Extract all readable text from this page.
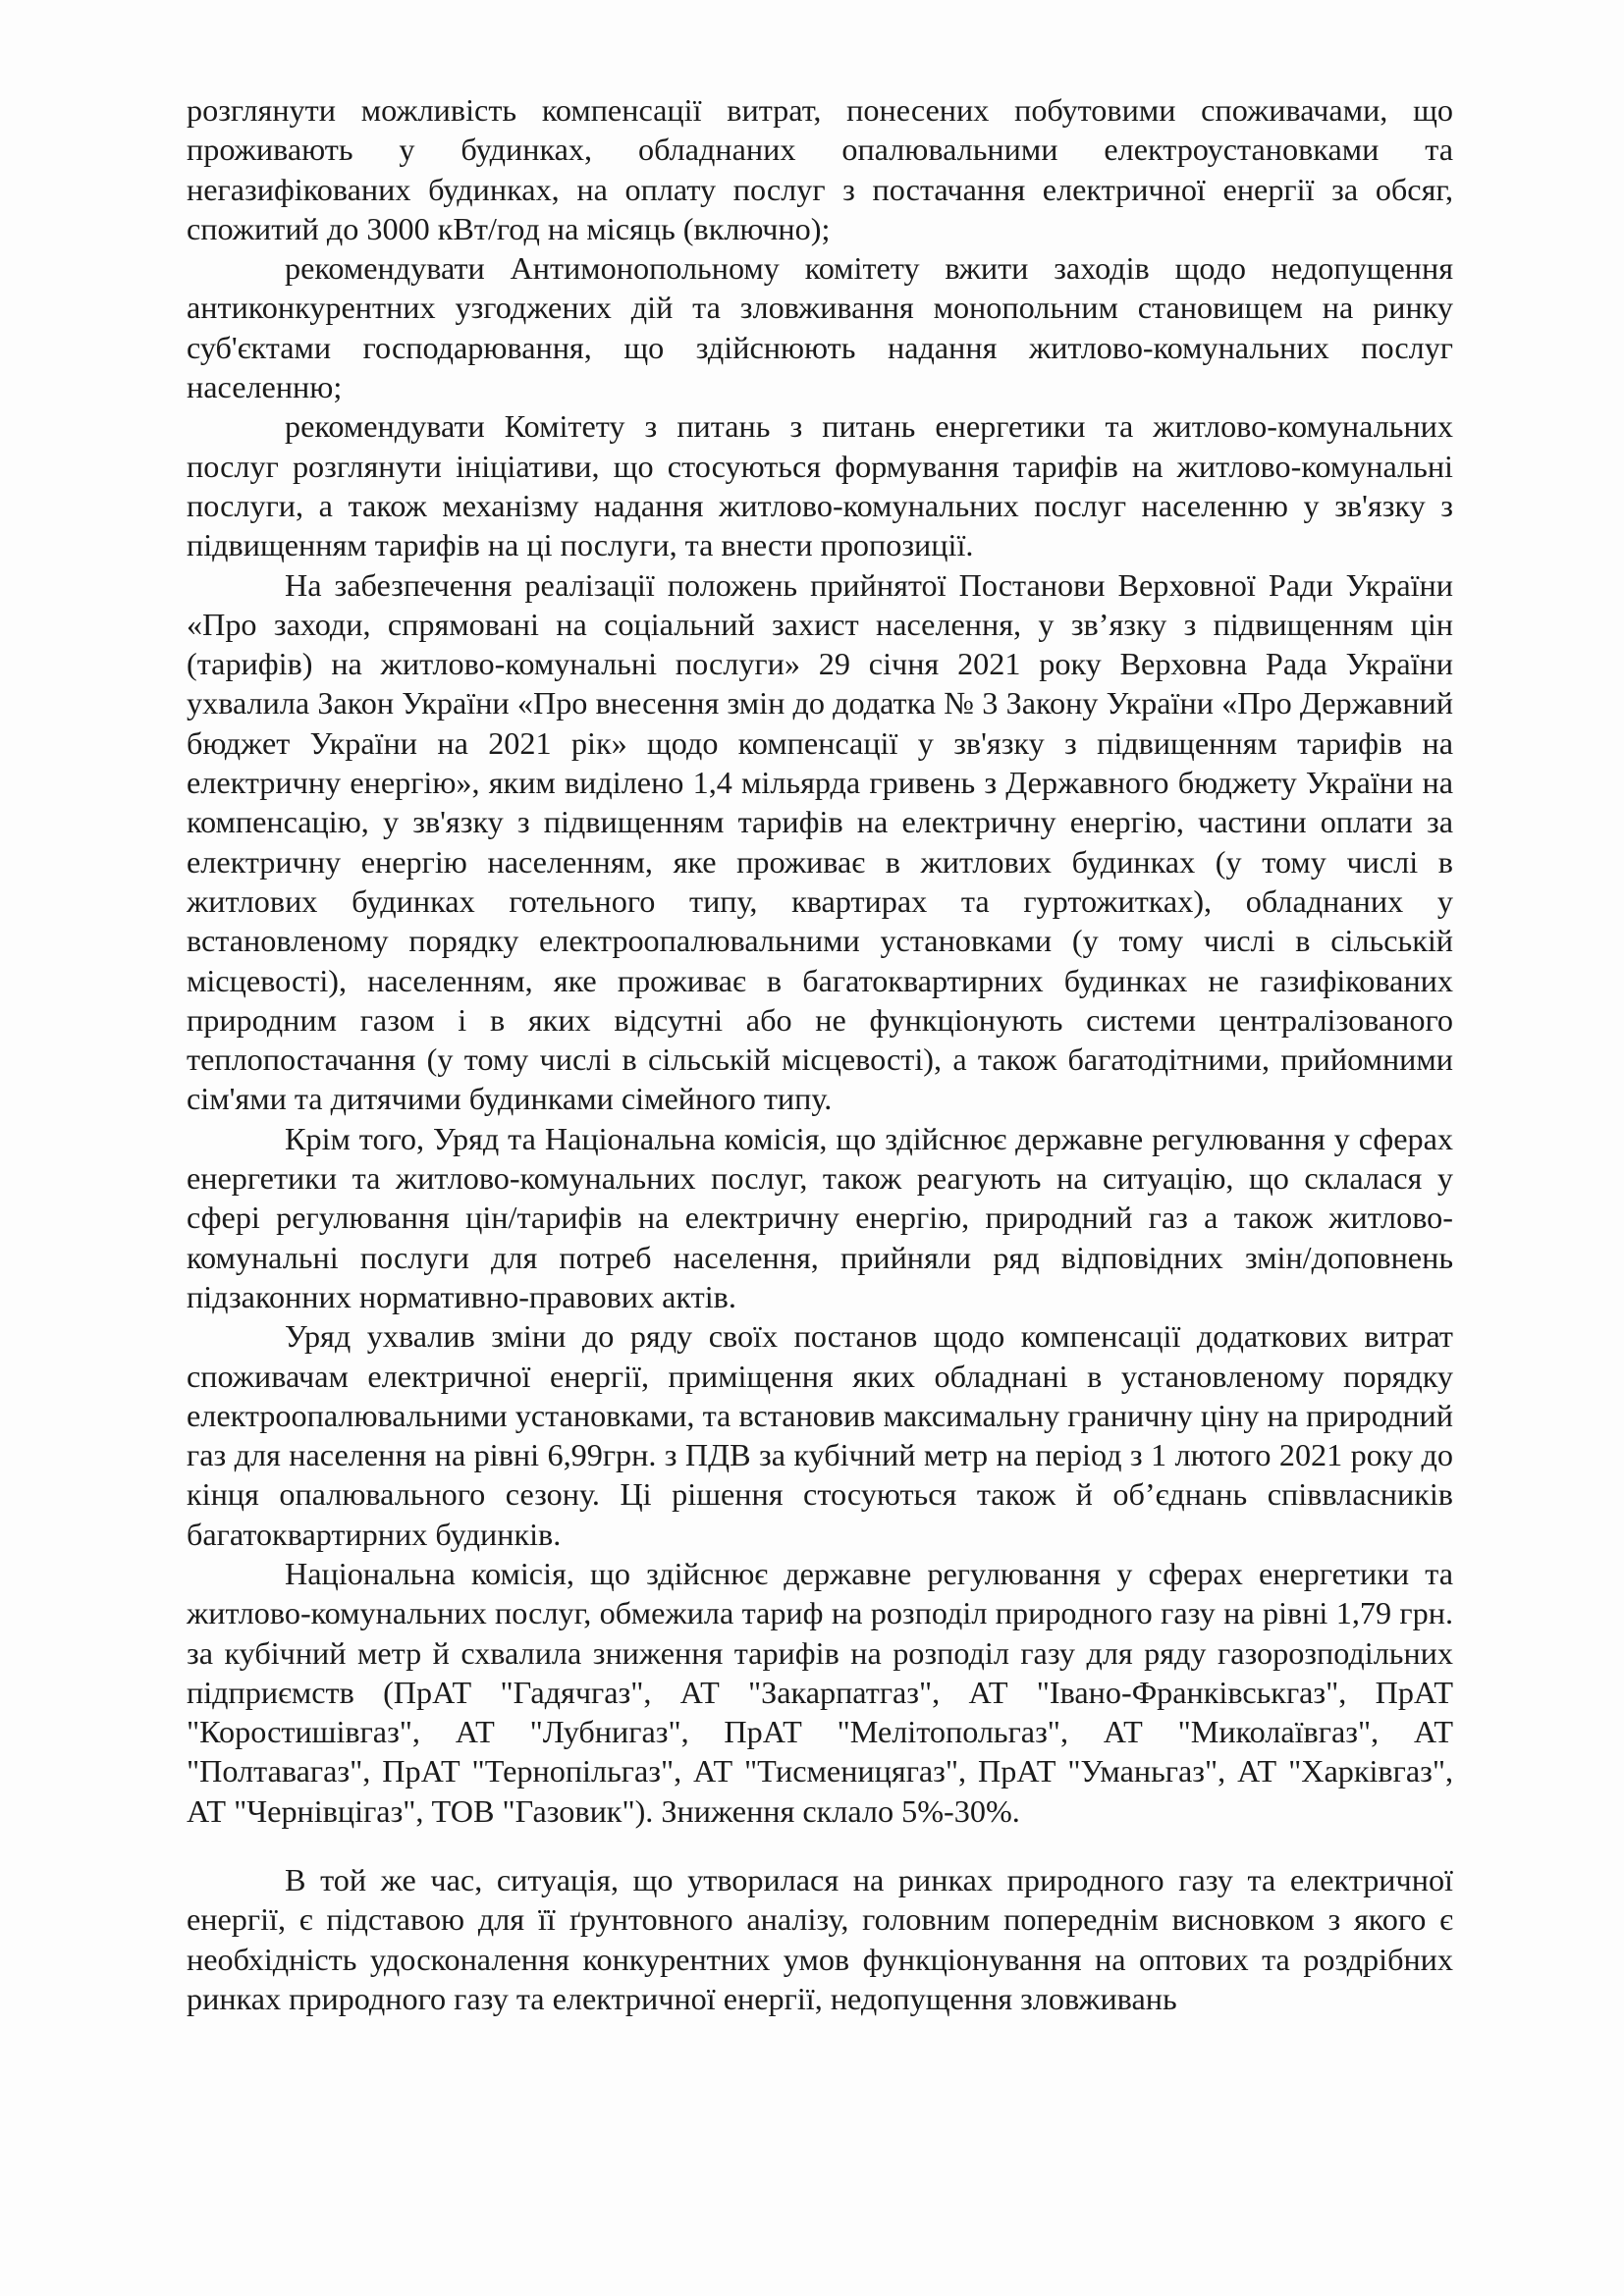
розглянути можливість компенсації витрат, понесених побутовими споживачами, що проживають у будинках, обладнаних опалювальними електроустановками та негазифікованих будинках, на оплату послуг з постачання електричної енергії за обсяг, спожитий до 3000 кВт/год на місяць (включно);

рекомендувати Антимонопольному комітету вжити заходів щодо недопущення антиконкурентних узгоджених дій та зловживання монопольним становищем на ринку суб'єктами господарювання, що здійснюють надання житлово-комунальних послуг населенню;

рекомендувати Комітету з питань з питань енергетики та житлово-комунальних послуг розглянути ініціативи, що стосуються формування тарифів на житлово-комунальні послуги, а також механізму надання житлово-комунальних послуг населенню у зв'язку з підвищенням тарифів на ці послуги, та внести пропозиції.

На забезпечення реалізації положень прийнятої Постанови Верховної Ради України «Про заходи, спрямовані на соціальний захист населення, у зв’язку з підвищенням цін (тарифів) на житлово-комунальні послуги» 29 січня 2021 року Верховна Рада України ухвалила Закон України «Про внесення змін до додатка № 3 Закону України «Про Державний бюджет України на 2021 рік» щодо компенсації у зв'язку з підвищенням тарифів на електричну енергію», яким виділено 1,4 мільярда гривень з Державного бюджету України на компенсацію, у зв'язку з підвищенням тарифів на електричну енергію, частини оплати за електричну енергію населенням, яке проживає в житлових будинках (у тому числі в житлових будинках готельного типу, квартирах та гуртожитках), обладнаних у встановленому порядку електроопалювальними установками (у тому числі в сільській місцевості), населенням, яке проживає в багатоквартирних будинках не газифікованих природним газом і в яких відсутні або не функціонують системи централізованого теплопостачання (у тому числі в сільській місцевості), а також багатодітними, прийомними сім'ями та дитячими будинками сімейного типу.

Крім того, Уряд та Національна комісія, що здійснює державне регулювання у сферах енергетики та житлово-комунальних послуг, також реагують на ситуацію, що склалася у сфері регулювання цін/тарифів на електричну енергію, природний газ а також житлово-комунальні послуги для потреб населення, прийняли ряд відповідних змін/доповнень підзаконних нормативно-правових актів.

Уряд ухвалив зміни до ряду своїх постанов щодо компенсації додаткових витрат споживачам електричної енергії, приміщення яких обладнані в установленому порядку електроопалювальними установками, та встановив максимальну граничну ціну на природний газ для населення на рівні 6,99грн. з ПДВ за кубічний метр на період з 1 лютого 2021 року до кінця опалювального сезону. Ці рішення стосуються також й об’єднань співвласників багатоквартирних будинків.

Національна комісія, що здійснює державне регулювання у сферах енергетики та житлово-комунальних послуг, обмежила тариф на розподіл природного газу на рівні 1,79 грн. за кубічний метр й схвалила зниження тарифів на розподіл газу для ряду газорозподільних підприємств (ПрАТ "Гадячгаз", АТ "Закарпатгаз", АТ "Івано-Франківськгаз", ПрАТ "Коростишівгаз", АТ "Лубнигаз", ПрАТ "Мелітопольгаз", АТ "Миколаївгаз", АТ "Полтавагаз", ПрАТ "Тернопільгаз", АТ "Тисменицягаз", ПрАТ "Уманьгаз", АТ "Харківгаз", АТ "Чернівцігаз", ТОВ "Газовик"). Зниження склало 5%-30%.

В той же час, ситуація, що утворилася на ринках природного газу та електричної енергії, є підставою для її ґрунтовного аналізу, головним попереднім висновком з якого є необхідність удосконалення конкурентних умов функціонування на оптових та роздрібних ринках природного газу та електричної енергії, недопущення зловживань
